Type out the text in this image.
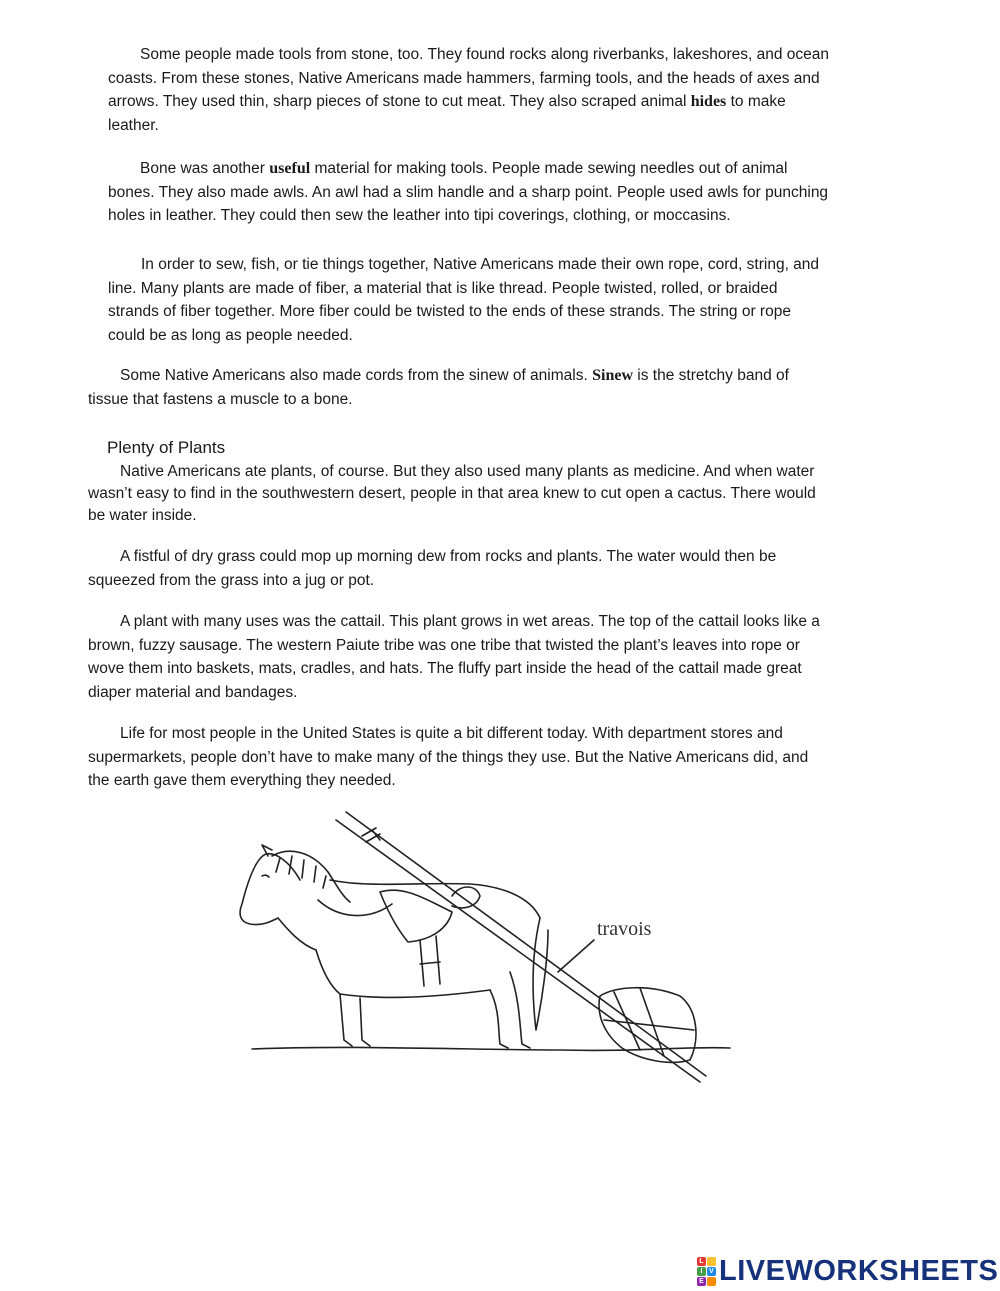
Some people made tools from stone, too. They found rocks along riverbanks, lakeshores, and ocean
coasts. From these stones, Native Americans made hammers, farming tools, and the heads of axes and
arrows. They used thin, sharp pieces of stone to cut meat. They also scraped animal hides to make
leather.
Bone was another useful material for making tools. People made sewing needles out of animal
bones. They also made awls. An awl had a slim handle and a sharp point. People used awls for punching
holes in leather. They could then sew the leather into tipi coverings, clothing, or moccasins.
In order to sew, fish, or tie things together, Native Americans made their own rope, cord, string, and
line. Many plants are made of fiber, a material that is like thread. People twisted, rolled, or braided
strands of fiber together. More fiber could be twisted to the ends of these strands. The string or rope
could be as long as people needed.
Some Native Americans also made cords from the sinew of animals. Sinew is the stretchy band of
tissue that fastens a muscle to a bone.
Plenty of Plants
Native Americans ate plants, of course. But they also used many plants as medicine. And when water
wasn’t easy to find in the southwestern desert, people in that area knew to cut open a cactus. There would
be water inside.
A fistful of dry grass could mop up morning dew from rocks and plants. The water would then be
squeezed from the grass into a jug or pot.
A plant with many uses was the cattail. This plant grows in wet areas. The top of the cattail looks like a
brown, fuzzy sausage. The western Paiute tribe was one tribe that twisted the plant’s leaves into rope or
wove them into baskets, mats, cradles, and hats. The fluffy part inside the head of the cattail made great
diaper material and bandages.
Life for most people in the United States is quite a bit different today. With department stores and
supermarkets, people don’t have to make many of the things they use. But the Native Americans did, and
the earth gave them everything they needed.
travois
L
I V
E LIVEWORKSHEETS
